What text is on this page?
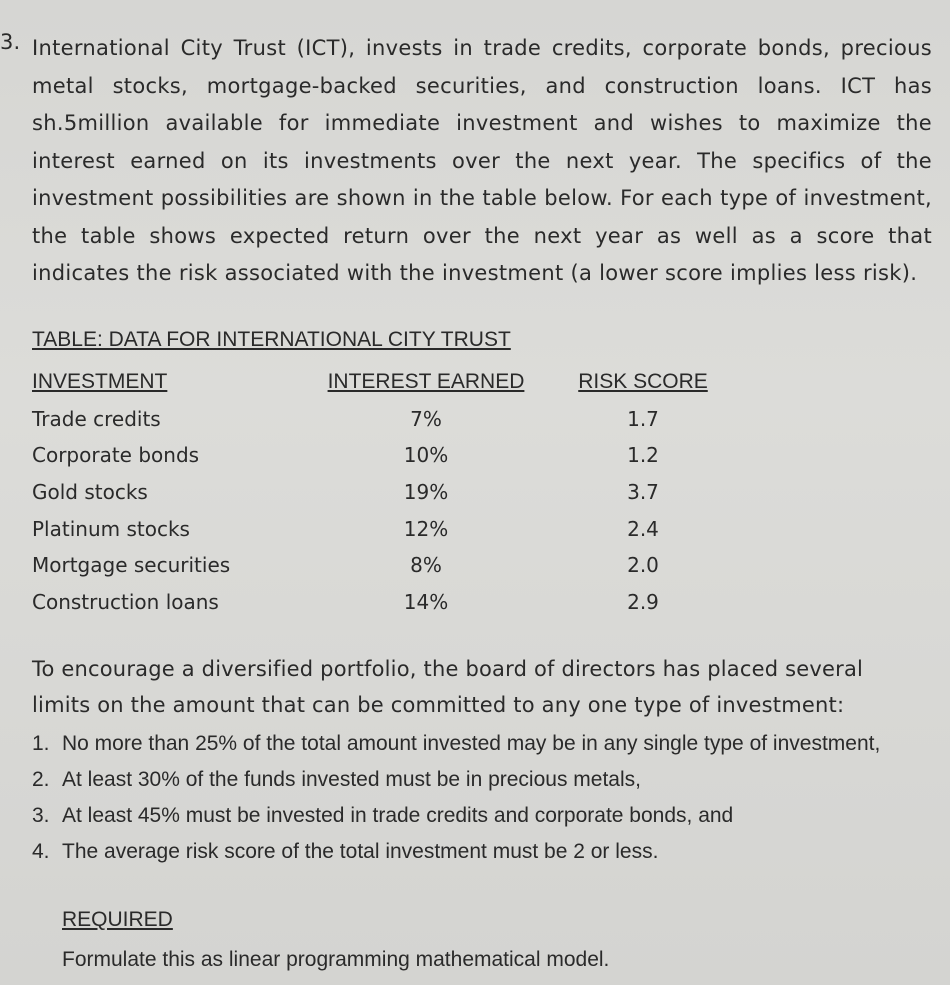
3. International City Trust (ICT), invests in trade credits, corporate bonds, precious metal stocks, mortgage-backed securities, and construction loans. ICT has sh.5million available for immediate investment and wishes to maximize the interest earned on its investments over the next year. The specifics of the investment possibilities are shown in the table below. For each type of investment, the table shows expected return over the next year as well as a score that indicates the risk associated with the investment (a lower score implies less risk).

TABLE: DATA FOR INTERNATIONAL CITY TRUST

INVESTMENT	INTEREST EARNED	RISK SCORE
Trade credits	7%	1.7
Corporate bonds	10%	1.2
Gold stocks	19%	3.7
Platinum stocks	12%	2.4
Mortgage securities	8%	2.0
Construction loans	14%	2.9

To encourage a diversified portfolio, the board of directors has placed several limits on the amount that can be committed to any one type of investment:

1. No more than 25% of the total amount invested may be in any single type of investment,
2. At least 30% of the funds invested must be in precious metals,
3. At least 45% must be invested in trade credits and corporate bonds, and
4. The average risk score of the total investment must be 2 or less.

REQUIRED

Formulate this as linear programming mathematical model.
